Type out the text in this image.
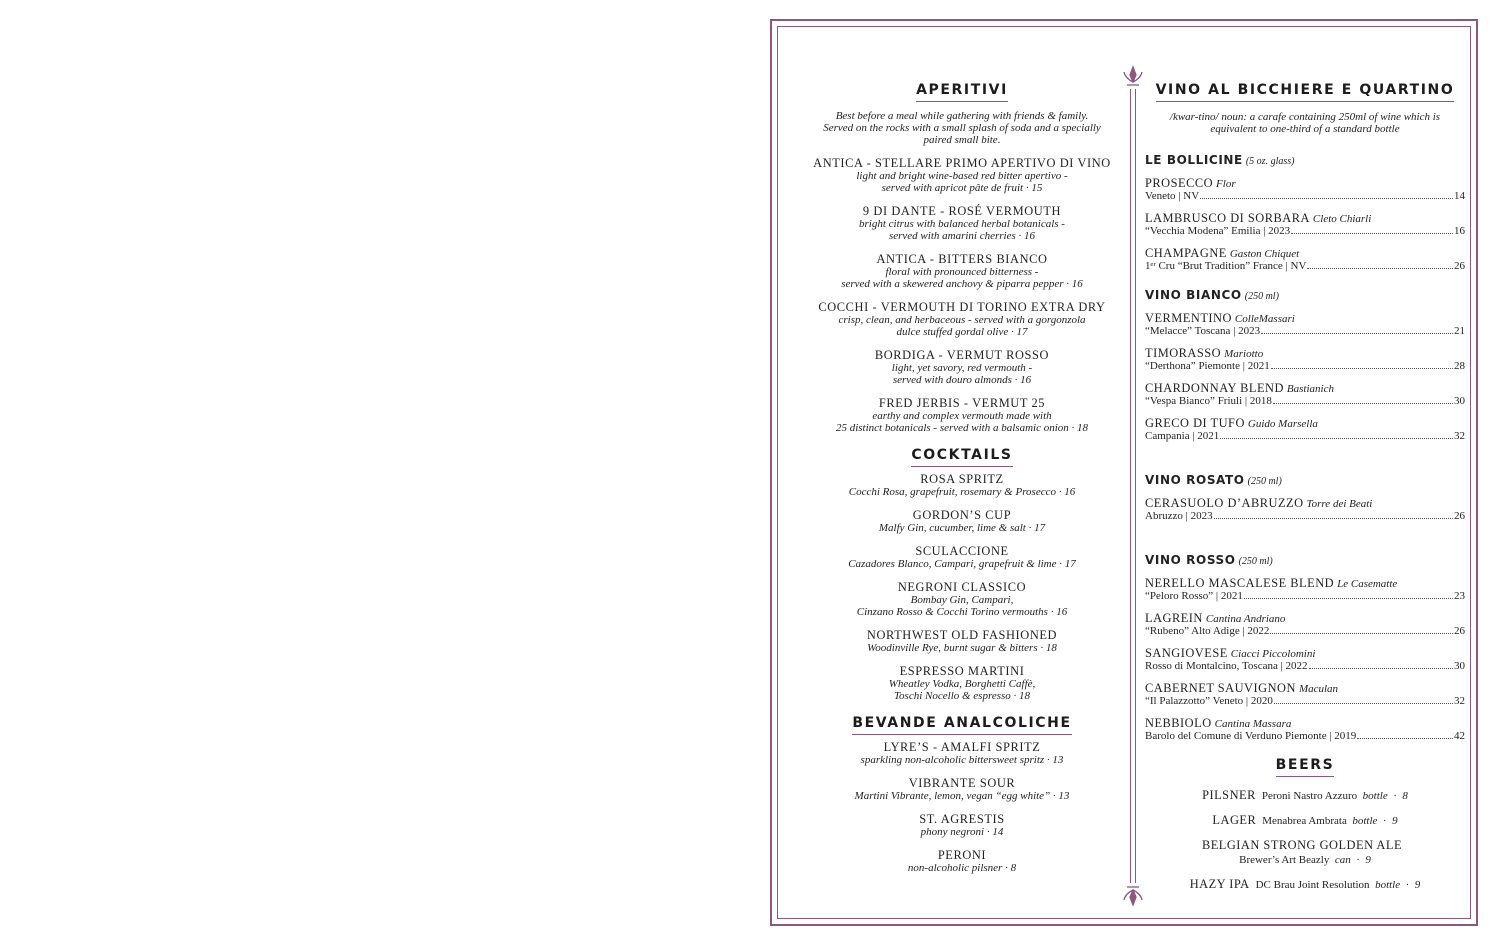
APERITIVI
Best before a meal while gathering with friends & family.
Served on the rocks with a small splash of soda and a specially
paired small bite.
ANTICA - STELLARE PRIMO APERTIVO DI VINO
light and bright wine-based red bitter apertivo -
served with apricot pâte de fruit · 15
9 DI DANTE - ROSÉ VERMOUTH
bright citrus with balanced herbal botanicals -
served with amarini cherries · 16
ANTICA - BITTERS BIANCO
floral with pronounced bitterness -
served with a skewered anchovy & piparra pepper · 16
COCCHI - VERMOUTH DI TORINO EXTRA DRY
crisp, clean, and herbaceous - served with a gorgonzola
dulce stuffed gordal olive · 17
BORDIGA - VERMUT ROSSO
light, yet savory, red vermouth -
served with douro almonds · 16
FRED JERBIS - VERMUT 25
earthy and complex vermouth made with
25 distinct botanicals - served with a balsamic onion · 18
COCKTAILS
ROSA SPRITZ
Cocchi Rosa, grapefruit, rosemary & Prosecco · 16
GORDON’S CUP
Malfy Gin, cucumber, lime & salt · 17
SCULACCIONE
Cazadores Blanco, Campari, grapefruit & lime · 17
NEGRONI CLASSICO
Bombay Gin, Campari,
Cinzano Rosso & Cocchi Torino vermouths · 16
NORTHWEST OLD FASHIONED
Woodinville Rye, burnt sugar & bitters · 18
ESPRESSO MARTINI
Wheatley Vodka, Borghetti Caffè,
Toschi Nocello & espresso · 18
BEVANDE ANALCOLICHE
LYRE’S - AMALFI SPRITZ
sparkling non-alcoholic bittersweet spritz · 13
VIBRANTE SOUR
Martini Vibrante, lemon, vegan “egg white” · 13
ST. AGRESTIS
phony negroni · 14
PERONI
non-alcoholic pilsner · 8
VINO AL BICCHIERE E QUARTINO
/kwar-tino/ noun: a carafe containing 250ml of wine which is
equivalent to one-third of a standard bottle
LE BOLLICINE (5 oz. glass)
PROSECCO Flor
Veneto | NV	14
LAMBRUSCO DI SORBARA Cleto Chiarli
“Vecchia Modena” Emilia | 2023	16
CHAMPAGNE Gaston Chiquet
1ᵉʳ Cru “Brut Tradition” France | NV	26
VINO BIANCO (250 ml)
VERMENTINO ColleMassari
“Melacce” Toscana | 2023	21
TIMORASSO Mariotto
“Derthona” Piemonte | 2021	28
CHARDONNAY BLEND Bastianich
“Vespa Bianco” Friuli | 2018	30
GRECO DI TUFO Guido Marsella
Campania | 2021	32
VINO ROSATO (250 ml)
CERASUOLO D’ABRUZZO Torre dei Beati
Abruzzo | 2023	26
VINO ROSSO (250 ml)
NERELLO MASCALESE BLEND Le Casematte
“Peloro Rosso” | 2021	23
LAGREIN Cantina Andriano
“Rubeno” Alto Adige | 2022	26
SANGIOVESE Ciacci Piccolomini
Rosso di Montalcino, Toscana | 2022	30
CABERNET SAUVIGNON Maculan
“Il Palazzotto” Veneto | 2020	32
NEBBIOLO Cantina Massara
Barolo del Comune di Verduno Piemonte | 2019	42
BEERS
PILSNER Peroni Nastro Azzuro bottle  ·  8
LAGER Menabrea Ambrata bottle  ·  9
BELGIAN STRONG GOLDEN ALE
Brewer’s Art Beazly can  ·  9
HAZY IPA DC Brau Joint Resolution bottle  ·  9
